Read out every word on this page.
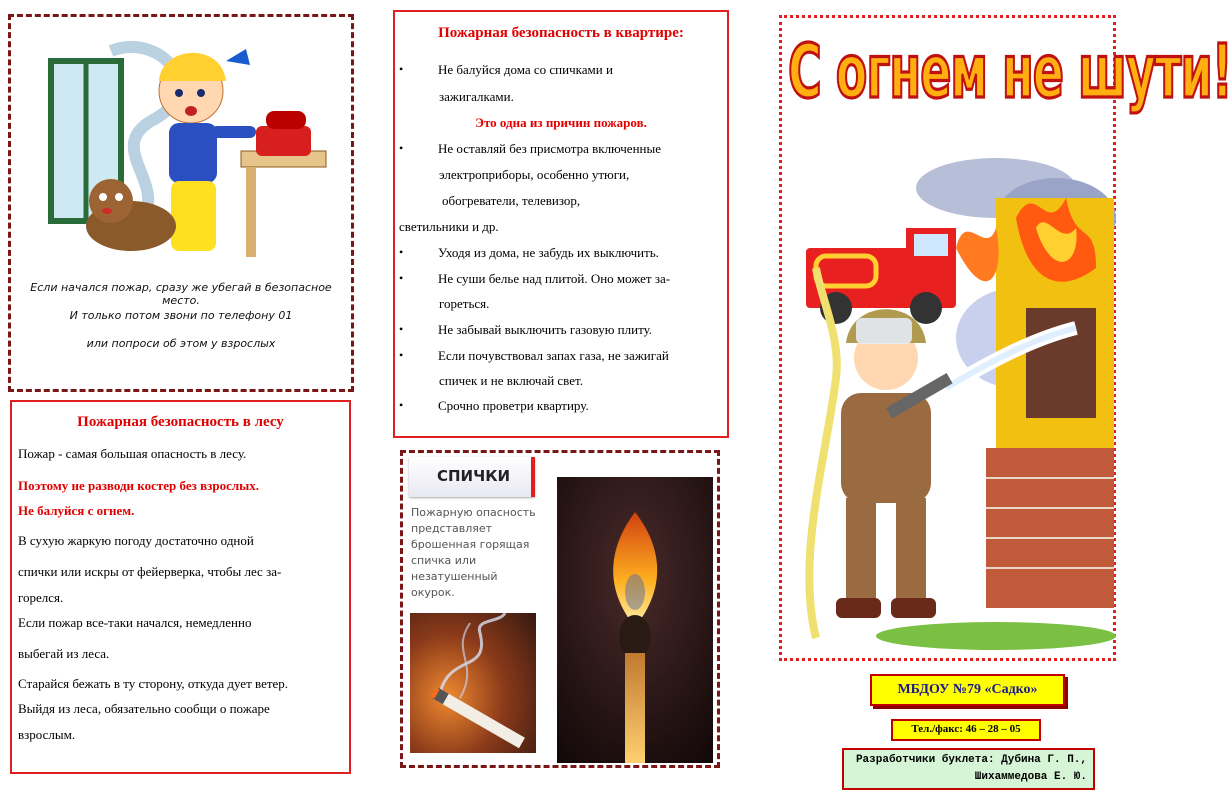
Если начался пожар, сразу же убегай в безопасное место.
И только потом звони по телефону 01
или попроси об этом у взрослых
Пожарная безопасность в лесу
Пожар - самая большая опасность в лесу.
Поэтому не разводи костер без взрослых.
Не балуйся с огнем.
В сухую жаркую погоду достаточно одной
спички или искры от фейерверка, чтобы лес за-
горелся.
Если пожар все-таки начался, немедленно
выбегай из леса.
Старайся бежать в ту сторону, откуда дует ветер.
Выйдя из леса, обязательно сообщи о пожаре
взрослым.
Пожарная безопасность в квартире:
•	Не балуйся дома со спичками и
зажигалками.
Это одна из причин пожаров.
•	Не оставляй без присмотра включенные
электроприборы, особенно утюги,
обогреватели, телевизор,
светильники и др.
•	Уходя из дома, не забудь их выключить.
•	Не суши белье над плитой. Оно может за-
гореться.
•	Не забывай выключить газовую плиту.
•	Если почувствовал запах газа, не зажигай
спичек и не включай свет.
•	Срочно проветри квартиру.
СПИЧКИ
Пожарную опасность
представляет
брошенная горящая
спичка или
незатушенный
окурок.
С огнем не шути!
МБДОУ №79 «Садко»
Тел./факс: 46 – 28 – 05
Разработчики буклета: Дубина Г. П.,
Шихаммедова Е. Ю.
